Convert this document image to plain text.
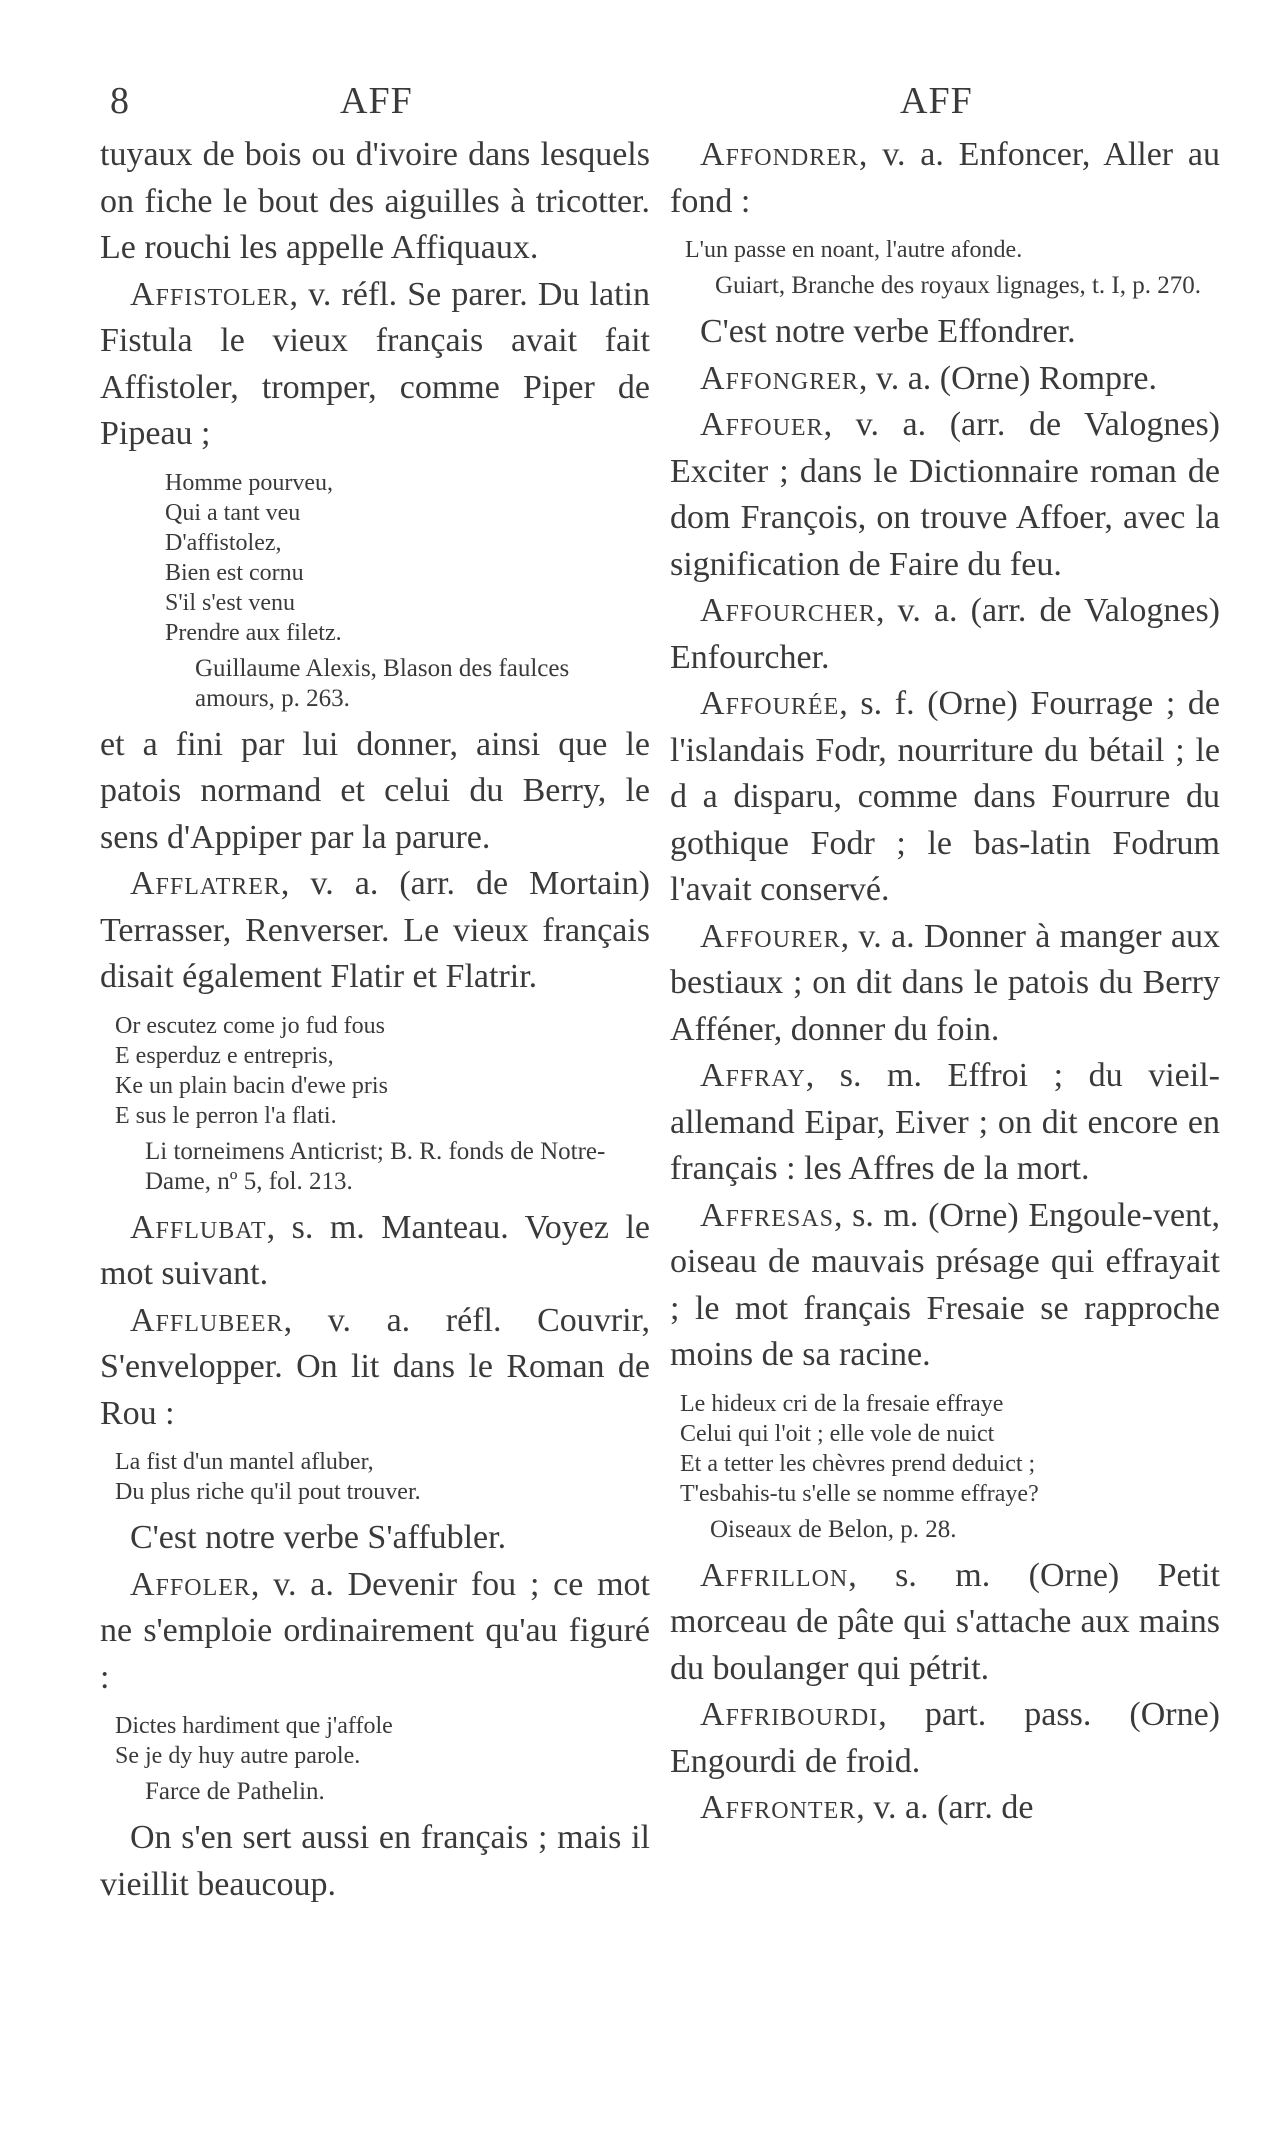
8	AFF

tuyaux de bois ou d'ivoire dans lesquels on fiche le bout des aiguilles à tricotter. Le rouchi les appelle Affiquaux.

Affistoler, v. réfl. Se parer. Du latin Fistula le vieux français avait fait Affistoler, tromper, comme Piper de Pipeau ;

Homme pourveu,
Qui a tant veu
D'affistolez,
Bien est cornu
S'il s'est venu
Prendre aux filetz.
Guillaume Alexis, Blason des faulces amours, p. 263.

et a fini par lui donner, ainsi que le patois normand et celui du Berry, le sens d'Appiper par la parure.

Afflatrer, v. a. (arr. de Mortain) Terrasser, Renverser. Le vieux français disait également Flatir et Flatrir.

Or escutez come jo fud fous
E esperduz e entrepris,
Ke un plain bacin d'ewe pris
E sus le perron l'a flati.
Li torneimens Anticrist; B. R. fonds de Notre-Dame, nº 5, fol. 213.

Afflubat, s. m. Manteau. Voyez le mot suivant.

Afflubeer, v. a. réfl. Couvrir, S'envelopper. On lit dans le Roman de Rou :

La fist d'un mantel afluber,
Du plus riche qu'il pout trouver.

C'est notre verbe S'affubler.

Affoler, v. a. Devenir fou ; ce mot ne s'emploie ordinairement qu'au figuré :

Dictes hardiment que j'affole
Se je dy huy autre parole.
Farce de Pathelin.

On s'en sert aussi en français ; mais il vieillit beaucoup.

AFF

Affondrer, v. a. Enfoncer, Aller au fond :

L'un passe en noant, l'autre afonde.
Guiart, Branche des royaux lignages, t. I, p. 270.

C'est notre verbe Effondrer.

Affongrer, v. a. (Orne) Rompre.

Affouer, v. a. (arr. de Valognes) Exciter ; dans le Dictionnaire roman de dom François, on trouve Affoer, avec la signification de Faire du feu.

Affourcher, v. a. (arr. de Valognes) Enfourcher.

Affourée, s. f. (Orne) Fourrage ; de l'islandais Fodr, nourriture du bétail ; le d a disparu, comme dans Fourrure du gothique Fodr ; le bas-latin Fodrum l'avait conservé.

Affourer, v. a. Donner à manger aux bestiaux ; on dit dans le patois du Berry Afféner, donner du foin.

Affray, s. m. Effroi ; du vieil-allemand Eipar, Eiver ; on dit encore en français : les Affres de la mort.

Affresas, s. m. (Orne) Engoule-vent, oiseau de mauvais présage qui effrayait ; le mot français Fresaie se rapproche moins de sa racine.

Le hideux cri de la fresaie effraye
Celui qui l'oit ; elle vole de nuict
Et a tetter les chèvres prend deduict ;
T'esbahis-tu s'elle se nomme effraye?
Oiseaux de Belon, p. 28.

Affrillon, s. m. (Orne) Petit morceau de pâte qui s'attache aux mains du boulanger qui pétrit.

Affribourdi, part. pass. (Orne) Engourdi de froid.

Affronter, v. a. (arr. de
